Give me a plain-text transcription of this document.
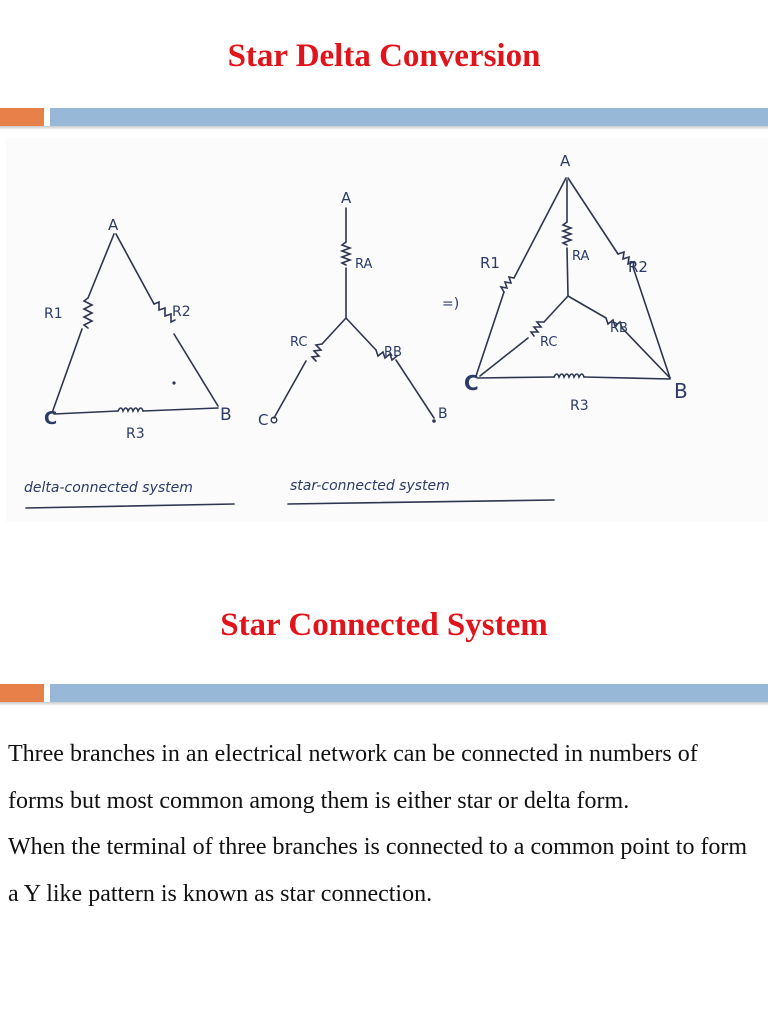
Star Delta Conversion
A
B
C
R1	R2
R3
delta-connected system
A
B
C
RA
RB
RC
star-connected system
=)
A
B
C
R1	R2
R3
RA
RB
RC
Star Connected System

Three branches in an electrical network can be connected in numbers of forms but most common among them is either star or delta form.

When the terminal of three branches is connected to a common point to form a Y like pattern is known as star connection.
